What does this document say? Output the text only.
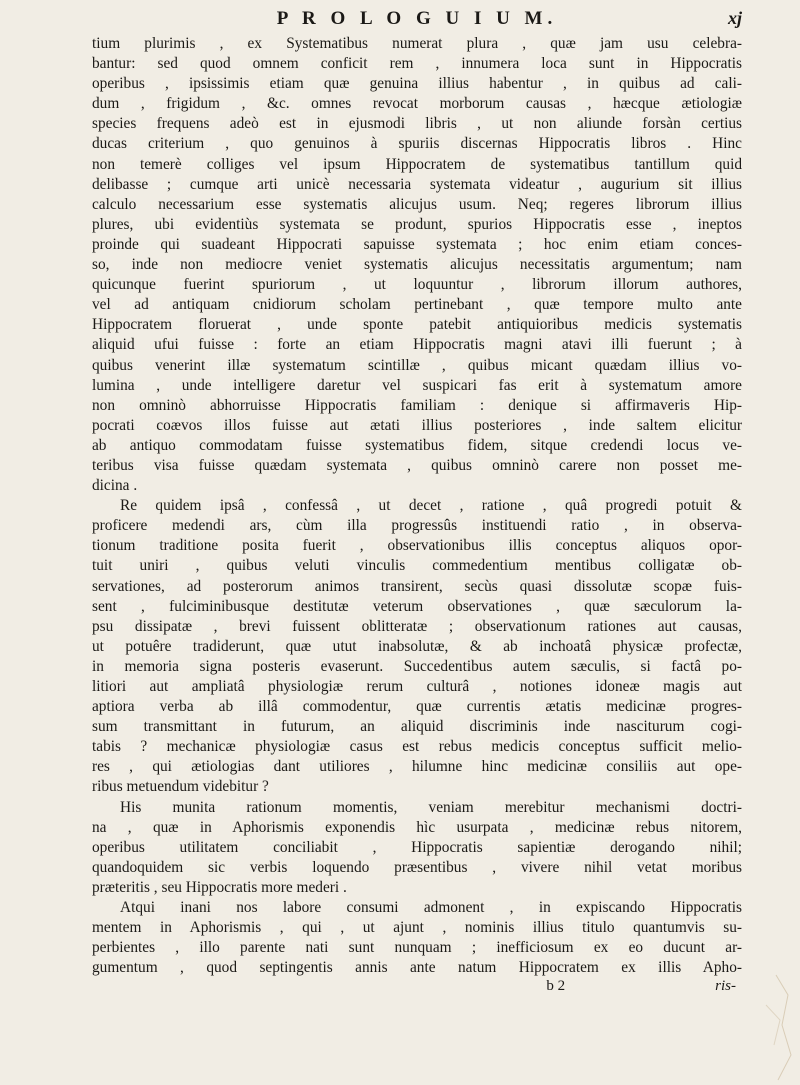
P R O L O G U I U M.	xj
tium plurimis , ex Systematibus numerat plura , quæ jam usu celebra-
bantur: sed quod omnem conficit rem , innumera loca sunt in Hippocratis
operibus , ipsissimis etiam quæ genuina illius habentur , in quibus ad cali-
dum , frigidum , &c. omnes revocat morborum causas , hæcque ætiologiæ
species frequens adeò est in ejusmodi libris , ut non aliunde forsàn certius
ducas criterium , quo genuinos à spuriis discernas Hippocratis libros . Hinc
non temerè colliges vel ipsum Hippocratem de systematibus tantillum quid
delibasse ; cumque arti unicè necessaria systemata videatur , augurium sit illius
calculo necessarium esse systematis alicujus usum. Neq; regeres librorum illius
plures, ubi evidentiùs systemata se produnt, spurios Hippocratis esse , ineptos
proinde qui suadeant Hippocrati sapuisse systemata ; hoc enim etiam conces-
so, inde non mediocre veniet systematis alicujus necessitatis argumentum; nam
quicunque fuerint spuriorum , ut loquuntur , librorum illorum authores,
vel ad antiquam cnidiorum scholam pertinebant , quæ tempore multo ante
Hippocratem floruerat , unde sponte patebit antiquioribus medicis systematis
aliquid ufui fuisse : forte an etiam Hippocratis magni atavi illi fuerunt ; à
quibus venerint illæ systematum scintillæ , quibus micant quædam illius vo-
lumina , unde intelligere daretur vel suspicari fas erit à systematum amore
non omninò abhorruisse Hippocratis familiam : denique si affirmaveris Hip-
pocrati coævos illos fuisse aut ætati illius posteriores , inde saltem elicitur
ab antiquo commodatam fuisse systematibus fidem, sitque credendi locus ve-
teribus visa fuisse quædam systemata , quibus omninò carere non posset me-
dicina .
Re quidem ipsâ , confessâ , ut decet , ratione , quâ progredi potuit &
proficere medendi ars, cùm illa progressûs instituendi ratio , in observa-
tionum traditione posita fuerit , observationibus illis conceptus aliquos opor-
tuit uniri , quibus veluti vinculis commedentium mentibus colligatæ ob-
servationes, ad posterorum animos transirent, secùs quasi dissolutæ scopæ fuis-
sent , fulciminibusque destitutæ veterum observationes , quæ sæculorum la-
psu dissipatæ , brevi fuissent oblitteratæ ; observationum rationes aut causas,
ut potuêre tradiderunt, quæ utut inabsolutæ, & ab inchoatâ physicæ profectæ,
in memoria signa posteris evaserunt. Succedentibus autem sæculis, si factâ po-
litiori aut ampliatâ physiologiæ rerum culturâ , notiones idoneæ magis aut
aptiora verba ab illâ commodentur, quæ currentis ætatis medicinæ progres-
sum transmittant in futurum, an aliquid discriminis inde nasciturum cogi-
tabis ? mechanicæ physiologiæ casus est rebus medicis conceptus sufficit melio-
res , qui ætiologias dant utiliores , hilumne hinc medicinæ consiliis aut ope-
ribus metuendum videbitur ?
His munita rationum momentis, veniam merebitur mechanismi doctri-
na , quæ in Aphorismis exponendis hìc usurpata , medicinæ rebus nitorem,
operibus utilitatem conciliabit , Hippocratis sapientiæ derogando nihil;
quandoquidem sic verbis loquendo præsentibus , vivere nihil vetat moribus
præteritis , seu Hippocratis more mederi .
Atqui inani nos labore consumi admonent , in expiscando Hippocratis
mentem in Aphorismis , qui , ut ajunt , nominis illius titulo quantumvis su-
perbientes , illo parente nati sunt nunquam ; inefficiosum ex eo ducunt ar-
gumentum , quod septingentis annis ante natum Hippocratem ex illis Apho-
b 2	ris-
